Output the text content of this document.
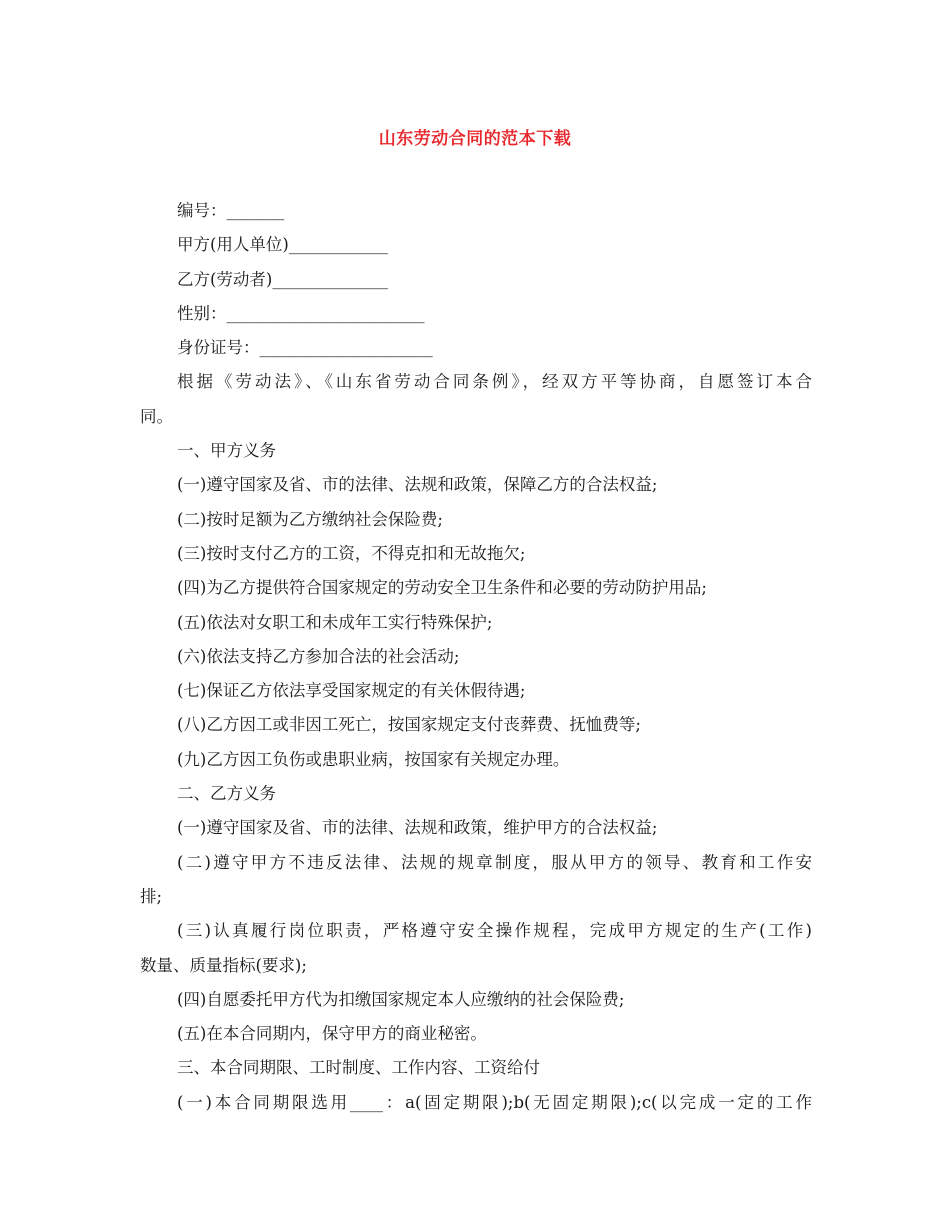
山东劳动合同的范本下载
编号：_______
甲方(用人单位)____________
乙方(劳动者)______________
性别：________________________
身份证号：_____________________
根据《劳动法》、《山东省劳动合同条例》，经双方平等协商，自愿签订本合
同。
一、甲方义务
(一)遵守国家及省、市的法律、法规和政策，保障乙方的合法权益;
(二)按时足额为乙方缴纳社会保险费;
(三)按时支付乙方的工资，不得克扣和无故拖欠;
(四)为乙方提供符合国家规定的劳动安全卫生条件和必要的劳动防护用品;
(五)依法对女职工和未成年工实行特殊保护;
(六)依法支持乙方参加合法的社会活动;
(七)保证乙方依法享受国家规定的有关休假待遇;
(八)乙方因工或非因工死亡，按国家规定支付丧葬费、抚恤费等;
(九)乙方因工负伤或患职业病，按国家有关规定办理。
二、乙方义务
(一)遵守国家及省、市的法律、法规和政策，维护甲方的合法权益;
(二)遵守甲方不违反法律、法规的规章制度，服从甲方的领导、教育和工作安
排;
(三)认真履行岗位职责，严格遵守安全操作规程，完成甲方规定的生产(工作)
数量、质量指标(要求);
(四)自愿委托甲方代为扣缴国家规定本人应缴纳的社会保险费;
(五)在本合同期内，保守甲方的商业秘密。
三、本合同期限、工时制度、工作内容、工资给付
(一)本合同期限选用____：a(固定期限);b(无固定期限);c(以完成一定的工作
